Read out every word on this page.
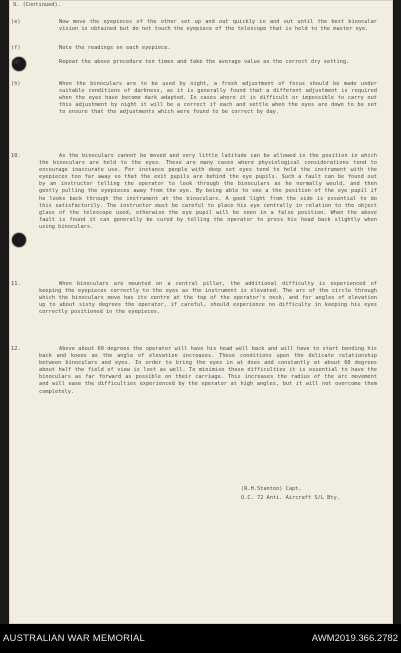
9. (Continued).
(e)	Now move the eyepieces of the other set up and out quickly in and out until the best binocular vision is obtained but do not touch the eyepiece of the telescope that is held to the master eye.
(f)	Note the readings on each eyepiece.
(g)	Repeat the above procedure ten times and take the average value as the correct dry setting.
(h)	When the binoculars are to be used by night, a fresh adjustment of focus should be made under suitable conditions of darkness, as it is generally found that a different adjustment is required when the eyes have become dark adapted. In cases where it is difficult or impossible to carry out this adjustment by night it will be a correct if each and settle when the eyes are down to be set to ensure that the adjustments which were found to be correct by day.
10.	As the binoculars cannot be moved and very little latitude can be allowed in the position in which the binoculars are held to the eyes. These are many cases where physiological considerations tend to encourage inaccurate use. For instance people with deep set eyes tend to hold the instrument with the eyepieces too far away so that the exit pupils are behind the eye pupils. Such a fault can be found out by an instructor telling the operator to look through the binoculars as he normally would, and then gently pulling the eyepieces away from the eye. By being able to see a the position of the eye pupil if he looks back through the instrument at the binoculars. A good light from the side is essential to do this satisfactorily. The instructor must be careful to place his eye centrally in relation to the object glass of the telescope used, otherwise the eye pupil will be seen in a false position. When the above fault is found it can generally be cured by telling the operator to press his head back slightly when using binoculars.
11.	When binoculars are mounted on a central pillar, the additional difficulty is experienced of keeping the eyepieces correctly to the eyes as the instrument is elevated. The arc of the circle through which the binoculars move has its centre at the top of the operator's neck, and for angles of elevation up to about sixty degrees the operator, if careful, should experience no difficulty in keeping his eyes correctly positioned in the eyepieces.
12.	Above about 60 degrees the operator will have his head well back and will have to start bending his back and knees as the angle of elevation increases. These conditions upon the delicate relationship between binoculars and eyes. In order to bring the eyes in at does and constantly at about 60 degrees about half the field of view is lost as well. To minimise these difficulties it is essential to have the binoculars as far forward as possible on their carriage. This increases the radius of the arc movement and will ease the difficulties experienced by the operator at high angles, but it will not overcome them completely.
(R.H.Stanton) Capt.
O.C. 72 Anti. Aircraft S/L Bty.
AUSTRALIAN WAR MEMORIAL	AWM2019.366.2782
